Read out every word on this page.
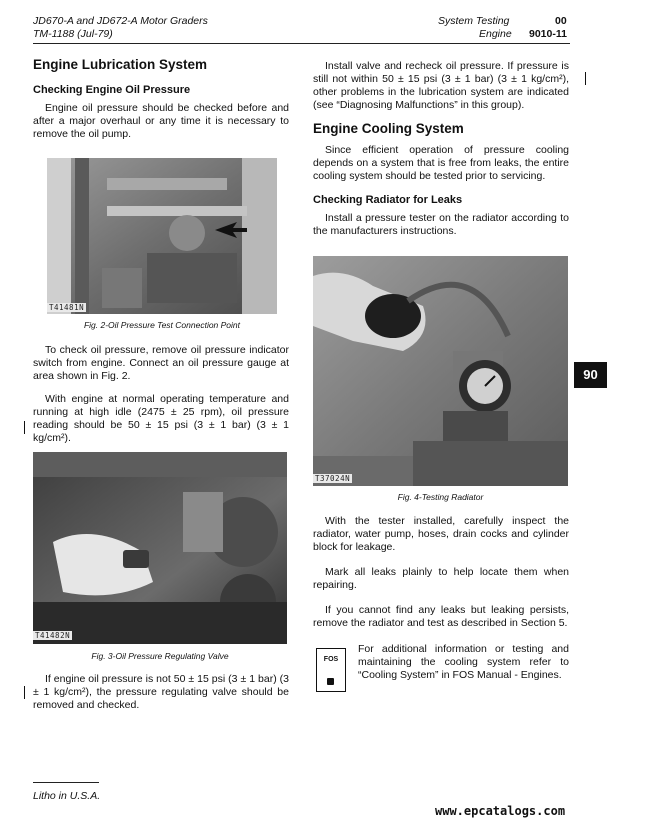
JD670-A and JD672-A Motor Graders
TM-1188 (Jul-79)
System Testing	00
Engine 9010-11
Engine Lubrication System
Checking Engine Oil Pressure

Engine oil pressure should be checked before and after a major overhaul or any time it is necessary to remove the oil pump.

T41481N
Fig. 2-Oil Pressure Test Connection Point

To check oil pressure, remove oil pressure indicator switch from engine. Connect an oil pressure gauge at area shown in Fig. 2.

With engine at normal operating temperature and running at high idle (2475 ± 25 rpm), oil pressure reading should be 50 ± 15 psi (3 ± 1 bar) (3 ± 1 kg/cm²).

T41482N
Fig. 3-Oil Pressure Regulating Valve

If engine oil pressure is not 50 ± 15 psi (3 ± 1 bar) (3 ± 1 kg/cm²), the pressure regulating valve should be removed and checked.

Install valve and recheck oil pressure. If pressure is still not within 50 ± 15 psi (3 ± 1 bar) (3 ± 1 kg/cm²), other problems in the lubrication system are indicated (see “Diagnosing Malfunctions” in this group).

Engine Cooling System

Since efficient operation of pressure cooling depends on a system that is free from leaks, the entire cooling system should be tested prior to servicing.

Checking Radiator for Leaks

Install a pressure tester on the radiator according to the manufacturers instructions.

T37024N
Fig. 4-Testing Radiator

With the tester installed, carefully inspect the radiator, water pump, hoses, drain cocks and cylinder block for leakage.

Mark all leaks plainly to help locate them when repairing.

If you cannot find any leaks but leaking persists, remove the radiator and test as described in Section 5.

FOS

For additional information or testing and maintaining the cooling system refer to “Cooling System” in FOS Manual - Engines.

90
Litho in U.S.A.
www.epcatalogs.com
